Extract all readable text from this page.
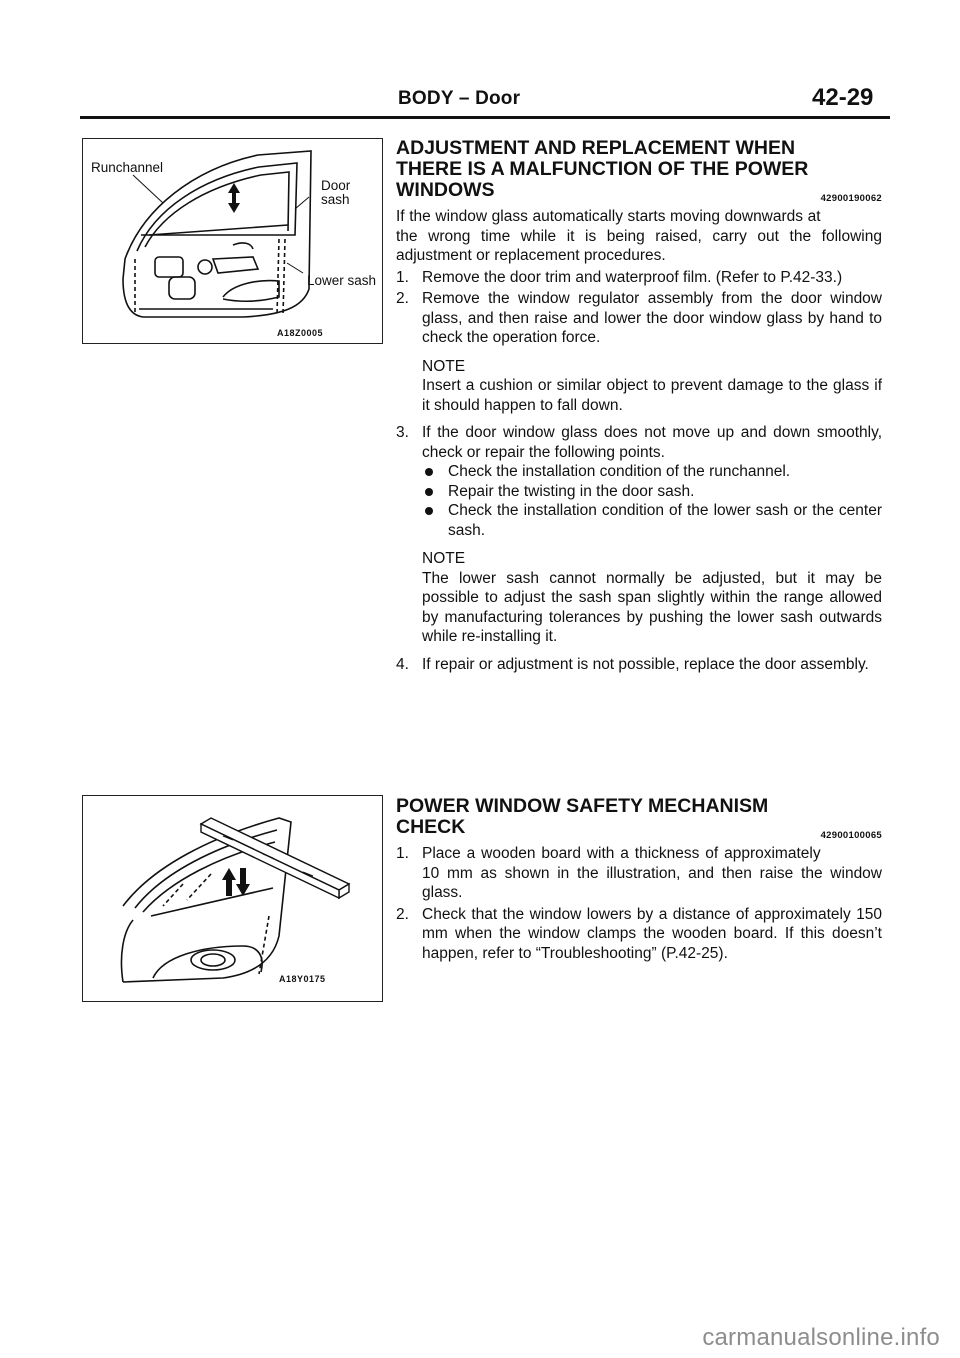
BODY – Door	42-29
Runchannel
Door
sash
Lower sash
A18Z0005
ADJUSTMENT AND REPLACEMENT WHEN
THERE IS A MALFUNCTION OF THE POWER
WINDOWS	42900190062

If the window glass automatically starts moving downwards at the wrong time while it is being raised, carry out the following adjustment or replacement procedures.

1. Remove the door trim and waterproof film. (Refer to P.42-33.)
2. Remove the window regulator assembly from the door window glass, and then raise and lower the door window glass by hand to check the operation force.
NOTE
Insert a cushion or similar object to prevent damage to the glass if it should happen to fall down.
3. If the door window glass does not move up and down smoothly, check or repair the following points.
Check the installation condition of the runchannel.
Repair the twisting in the door sash.
Check the installation condition of the lower sash or the center sash.
NOTE
The lower sash cannot normally be adjusted, but it may be possible to adjust the sash span slightly within the range allowed by manufacturing tolerances by pushing the lower sash outwards while re-installing it.
4. If repair or adjustment is not possible, replace the door assembly.
A18Y0175
POWER WINDOW SAFETY MECHANISM
CHECK	42900100065
1. Place a wooden board with a thickness of approximately 10 mm as shown in the illustration, and then raise the window glass.
2. Check that the window lowers by a distance of approximately 150 mm when the window clamps the wooden board. If this doesn’t happen, refer to “Troubleshooting” (P.42-25).
carmanualsonline.info
